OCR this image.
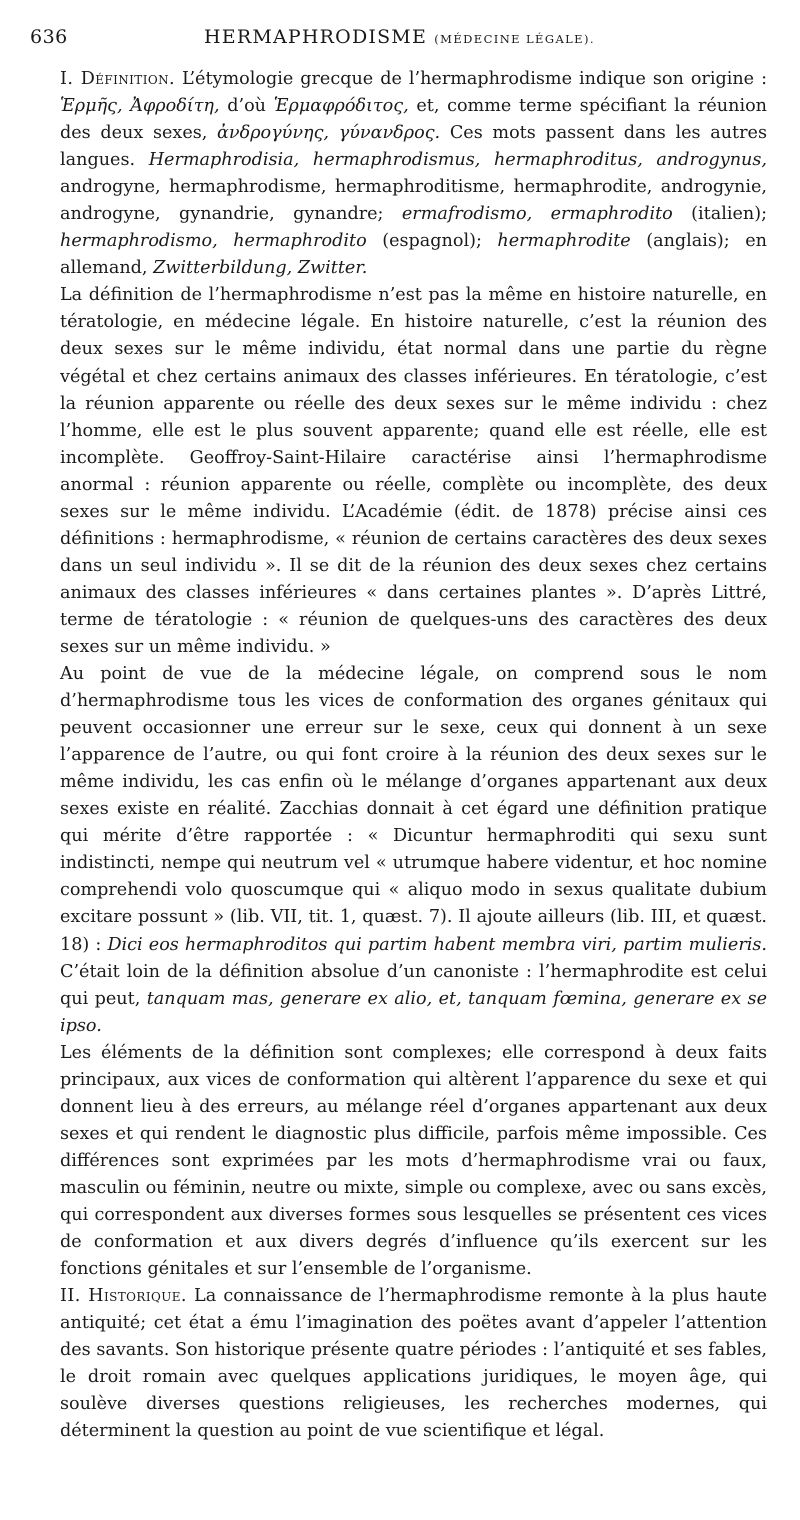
636	HERMAPHRODISME (MÉDECINE LÉGALE).

I. Définition. L’étymologie grecque de l’hermaphrodisme indique son origine : Ἑρμῆς, Ἀφροδίτη, d’où Ἑρμαφρόδιτος, et, comme terme spécifiant la réunion des deux sexes, ἀνδρογύνης, γύνανδρος. Ces mots passent dans les autres langues. Hermaphrodisia, hermaphrodismus, hermaphroditus, androgynus, androgyne, hermaphrodisme, hermaphroditisme, hermaphrodite, androgynie, androgyne, gynandrie, gynandre; ermafrodismo, ermaphrodito (italien); hermaphrodismo, hermaphrodito (espagnol); hermaphrodite (anglais); en allemand, Zwitterbildung, Zwitter.

La définition de l’hermaphrodisme n’est pas la même en histoire naturelle, en tératologie, en médecine légale. En histoire naturelle, c’est la réunion des deux sexes sur le même individu, état normal dans une partie du règne végétal et chez certains animaux des classes inférieures. En tératologie, c’est la réunion apparente ou réelle des deux sexes sur le même individu : chez l’homme, elle est le plus souvent apparente; quand elle est réelle, elle est incomplète. Geoffroy-Saint-Hilaire caractérise ainsi l’hermaphrodisme anormal : réunion apparente ou réelle, complète ou incomplète, des deux sexes sur le même individu. L’Académie (édit. de 1878) précise ainsi ces définitions : hermaphrodisme, « réunion de certains caractères des deux sexes dans un seul individu ». Il se dit de la réunion des deux sexes chez certains animaux des classes inférieures « dans certaines plantes ». D’après Littré, terme de tératologie : « réunion de quelques-uns des caractères des deux sexes sur un même individu. »

Au point de vue de la médecine légale, on comprend sous le nom d’hermaphrodisme tous les vices de conformation des organes génitaux qui peuvent occasionner une erreur sur le sexe, ceux qui donnent à un sexe l’apparence de l’autre, ou qui font croire à la réunion des deux sexes sur le même individu, les cas enfin où le mélange d’organes appartenant aux deux sexes existe en réalité. Zacchias donnait à cet égard une définition pratique qui mérite d’être rapportée : « Dicuntur hermaphroditi qui sexu sunt indistincti, nempe qui neutrum vel « utrumque habere videntur, et hoc nomine comprehendi volo quoscumque qui « aliquo modo in sexus qualitate dubium excitare possunt » (lib. VII, tit. 1, quæst. 7). Il ajoute ailleurs (lib. III, et quæst. 18) : Dici eos hermaphroditos qui partim habent membra viri, partim mulieris. C’était loin de la définition absolue d’un canoniste : l’hermaphrodite est celui qui peut, tanquam mas, generare ex alio, et, tanquam fœmina, generare ex se ipso.

Les éléments de la définition sont complexes; elle correspond à deux faits principaux, aux vices de conformation qui altèrent l’apparence du sexe et qui donnent lieu à des erreurs, au mélange réel d’organes appartenant aux deux sexes et qui rendent le diagnostic plus difficile, parfois même impossible. Ces différences sont exprimées par les mots d’hermaphrodisme vrai ou faux, masculin ou féminin, neutre ou mixte, simple ou complexe, avec ou sans excès, qui correspondent aux diverses formes sous lesquelles se présentent ces vices de conformation et aux divers degrés d’influence qu’ils exercent sur les fonctions génitales et sur l’ensemble de l’organisme.

II. Historique. La connaissance de l’hermaphrodisme remonte à la plus haute antiquité; cet état a ému l’imagination des poëtes avant d’appeler l’attention des savants. Son historique présente quatre périodes : l’antiquité et ses fables, le droit romain avec quelques applications juridiques, le moyen âge, qui soulève diverses questions religieuses, les recherches modernes, qui déterminent la question au point de vue scientifique et légal.
